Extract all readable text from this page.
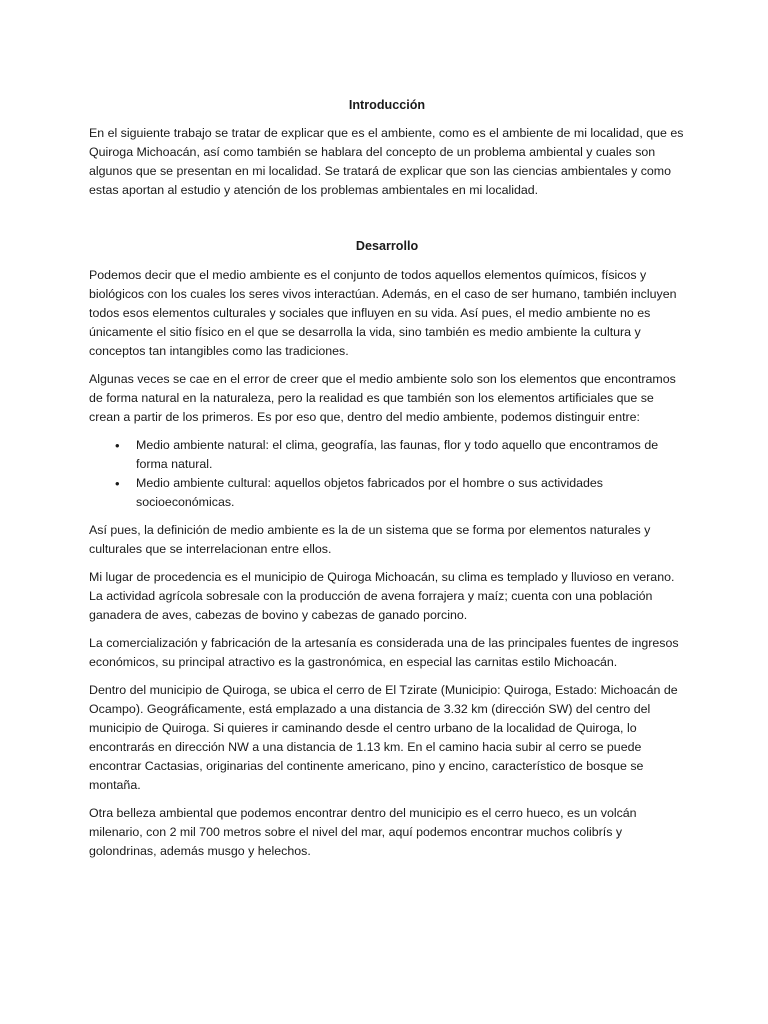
Introducción

En el siguiente trabajo se tratar de explicar que es el ambiente, como es el ambiente de mi localidad, que es Quiroga Michoacán, así como también se hablara del concepto de un problema ambiental y cuales son algunos que se presentan en mi localidad. Se tratará de explicar que son las ciencias ambientales y como estas aportan al estudio y atención de los problemas ambientales en mi localidad.

Desarrollo

Podemos decir que el medio ambiente es el conjunto de todos aquellos elementos químicos, físicos y biológicos con los cuales los seres vivos interactúan. Además, en el caso de ser humano, también incluyen todos esos elementos culturales y sociales que influyen en su vida. Así pues, el medio ambiente no es únicamente el sitio físico en el que se desarrolla la vida, sino también es medio ambiente la cultura y conceptos tan intangibles como las tradiciones.

Algunas veces se cae en el error de creer que el medio ambiente solo son los elementos que encontramos de forma natural en la naturaleza, pero la realidad es que también son los elementos artificiales que se crean a partir de los primeros. Es por eso que, dentro del medio ambiente, podemos distinguir entre:

• Medio ambiente natural: el clima, geografía, las faunas, flor y todo aquello que encontramos de forma natural.
• Medio ambiente cultural: aquellos objetos fabricados por el hombre o sus actividades socioeconómicas.

Así pues, la definición de medio ambiente es la de un sistema que se forma por elementos naturales y culturales que se interrelacionan entre ellos.

Mi lugar de procedencia es el municipio de Quiroga Michoacán, su clima es templado y lluvioso en verano. La actividad agrícola sobresale con la producción de avena forrajera y maíz; cuenta con una población ganadera de aves, cabezas de bovino y cabezas de ganado porcino.

La comercialización y fabricación de la artesanía es considerada una de las principales fuentes de ingresos económicos, su principal atractivo es la gastronómica, en especial las carnitas estilo Michoacán.

Dentro del municipio de Quiroga, se ubica el cerro de El Tzirate (Municipio: Quiroga, Estado: Michoacán de Ocampo). Geográficamente, está emplazado a una distancia de 3.32 km (dirección SW) del centro del municipio de Quiroga. Si quieres ir caminando desde el centro urbano de la localidad de Quiroga, lo encontrarás en dirección NW a una distancia de 1.13 km. En el camino hacia subir al cerro se puede encontrar Cactasias, originarias del continente americano, pino y encino, característico de bosque se montaña.

Otra belleza ambiental que podemos encontrar dentro del municipio es el cerro hueco, es un volcán milenario, con 2 mil 700 metros sobre el nivel del mar, aquí podemos encontrar muchos colibrís y golondrinas, además musgo y helechos.
